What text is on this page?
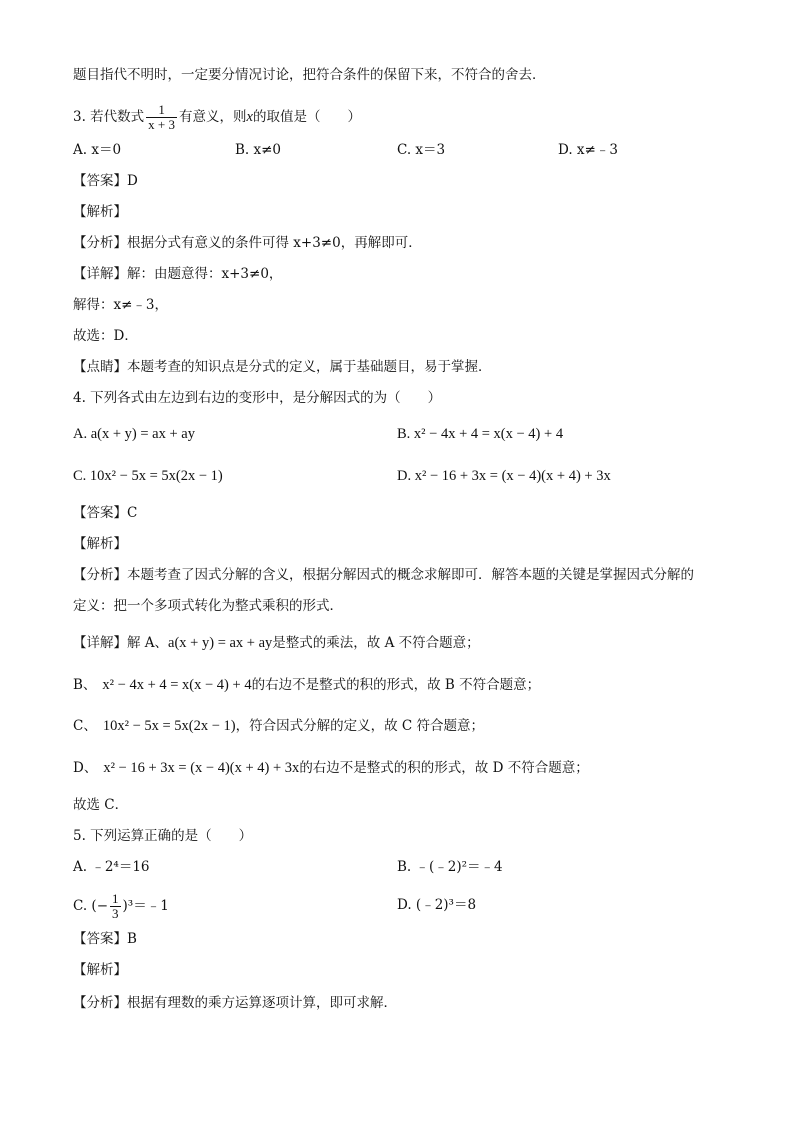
题目指代不明时，一定要分情况讨论，把符合条件的保留下来，不符合的舍去．
3. 若代数式 $\frac{1}{x + 3}$ 有意义，则x的取值是（　　）
A. x＝0	B. x≠0	C. x＝3	D. x≠﹣3
【答案】D
【解析】
【分析】根据分式有意义的条件可得 x+3≠0，再解即可．
【详解】解：由题意得：x+3≠0，
解得：x≠﹣3，
故选：D．
【点睛】本题考查的知识点是分式的定义，属于基础题目，易于掌握．
4. 下列各式由左边到右边的变形中，是分解因式的为（　　）
A. a(x + y) = ax + ay	B. x² − 4x + 4 = x(x − 4) + 4
C. 10x² − 5x = 5x(2x − 1)	D. x² − 16 + 3x = (x − 4)(x + 4) + 3x
【答案】C
【解析】
【分析】本题考查了因式分解的含义，根据分解因式的概念求解即可．解答本题的关键是掌握因式分解的
定义：把一个多项式转化为整式乘积的形式．
【详解】解 A、a(x + y) = ax + ay是整式的乘法，故 A 不符合题意；
B、 x² − 4x + 4 = x(x − 4) + 4的右边不是整式的积的形式，故 B 不符合题意；
C、 10x² − 5x = 5x(2x − 1)，符合因式分解的定义，故 C 符合题意；
D、 x² − 16 + 3x = (x − 4)(x + 4) + 3x的右边不是整式的积的形式，故 D 不符合题意；
故选 C．
5. 下列运算正确的是（　　）
A. ﹣2⁴＝16	B. ﹣(﹣2)²＝﹣4
C. (− $\frac{1}{3}$ )³＝﹣1	D. (﹣2)³＝8
【答案】B
【解析】
【分析】根据有理数的乘方运算逐项计算，即可求解．
